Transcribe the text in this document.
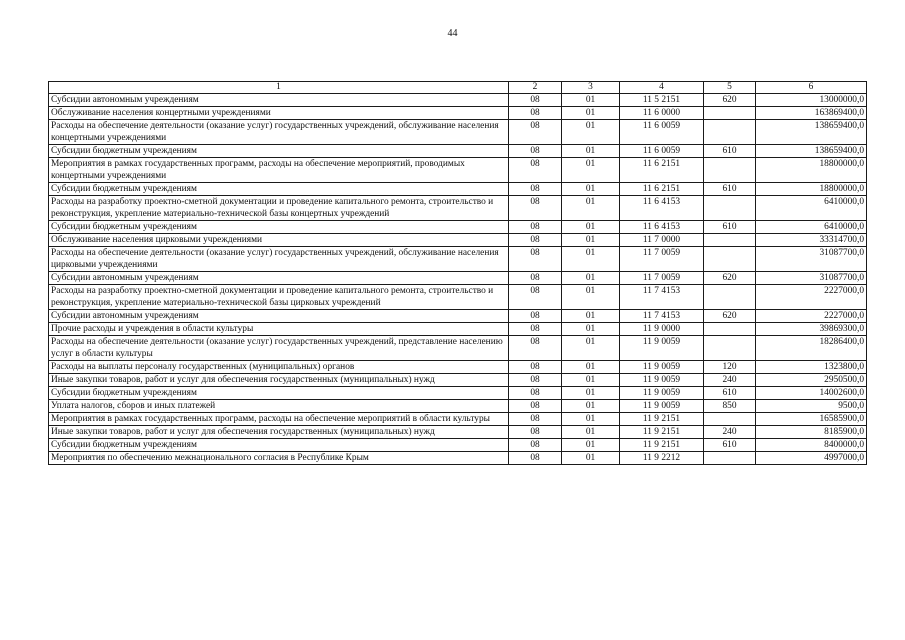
44
1	2	3	4	5	6
Субсидии автономным учреждениям	08	01	11 5 2151	620	13000000,0
Обслуживание населения концертными учреждениями	08	01	11 6 0000		163869400,0
Расходы на обеспечение деятельности (оказание услуг) государственных учреждений, обслуживание населения концертными учреждениями	08	01	11 6 0059		138659400,0
Субсидии бюджетным учреждениям	08	01	11 6 0059	610	138659400,0
Мероприятия в рамках государственных программ, расходы на обеспечение мероприятий, проводимых концертными учреждениями	08	01	11 6 2151		18800000,0
Субсидии бюджетным учреждениям	08	01	11 6 2151	610	18800000,0
Расходы на разработку проектно-сметной документации и проведение капитального ремонта, строительство и реконструкция, укрепление материально-технической базы концертных учреждений	08	01	11 6 4153		6410000,0
Субсидии бюджетным учреждениям	08	01	11 6 4153	610	6410000,0
Обслуживание населения цирковыми учреждениями	08	01	11 7 0000		33314700,0
Расходы на обеспечение деятельности (оказание услуг) государственных учреждений, обслуживание населения цирковыми учреждениями	08	01	11 7 0059		31087700,0
Субсидии автономным учреждениям	08	01	11 7 0059	620	31087700,0
Расходы на разработку проектно-сметной документации и проведение капитального ремонта, строительство и реконструкция, укрепление материально-технической базы цирковых учреждений	08	01	11 7 4153		2227000,0
Субсидии автономным учреждениям	08	01	11 7 4153	620	2227000,0
Прочие расходы и учреждения в области культуры	08	01	11 9 0000		39869300,0
Расходы на обеспечение деятельности (оказание услуг) государственных учреждений, представление населению услуг в области культуры	08	01	11 9 0059		18286400,0
Расходы на выплаты персоналу государственных (муниципальных) органов	08	01	11 9 0059	120	1323800,0
Иные закупки товаров, работ и услуг для обеспечения государственных (муниципальных) нужд	08	01	11 9 0059	240	2950500,0
Субсидии бюджетным учреждениям	08	01	11 9 0059	610	14002600,0
Уплата налогов, сборов и иных платежей	08	01	11 9 0059	850	9500,0
Мероприятия в рамках государственных программ, расходы на обеспечение мероприятий в области культуры	08	01	11 9 2151		16585900,0
Иные закупки товаров, работ и услуг для обеспечения государственных (муниципальных) нужд	08	01	11 9 2151	240	8185900,0
Субсидии бюджетным учреждениям	08	01	11 9 2151	610	8400000,0
Мероприятия по обеспечению межнационального согласия в Республике Крым	08	01	11 9 2212		4997000,0
